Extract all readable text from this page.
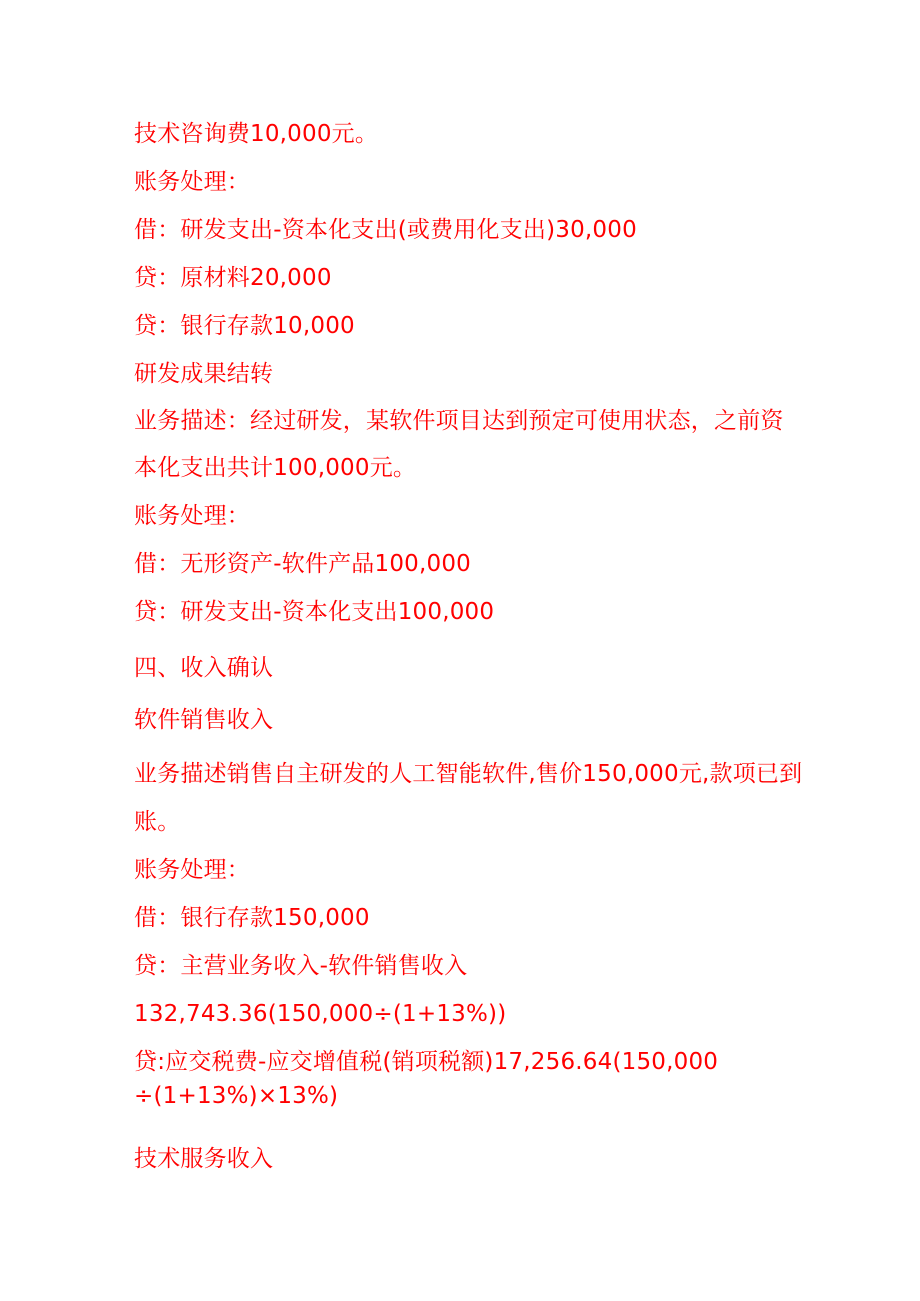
技术咨询费10,000元。

账务处理：

借：研发支出-资本化支出(或费用化支出)30,000

贷：原材料20,000

贷：银行存款10,000

研发成果结转

业务描述：经过研发，某软件项目达到预定可使用状态，之前资

本化支出共计100,000元。

账务处理：

借：无形资产-软件产品100,000

贷：研发支出-资本化支出100,000

四、收入确认

软件销售收入

业务描述销售自主研发的人工智能软件,售价150,000元,款项已到

账。

账务处理：

借：银行存款150,000

贷：主营业务收入-软件销售收入

132,743.36(150,000÷(1+13%))

贷:应交税费-应交增值税(销项税额)17,256.64(150,000

÷(1+13%)×13%)

技术服务收入
